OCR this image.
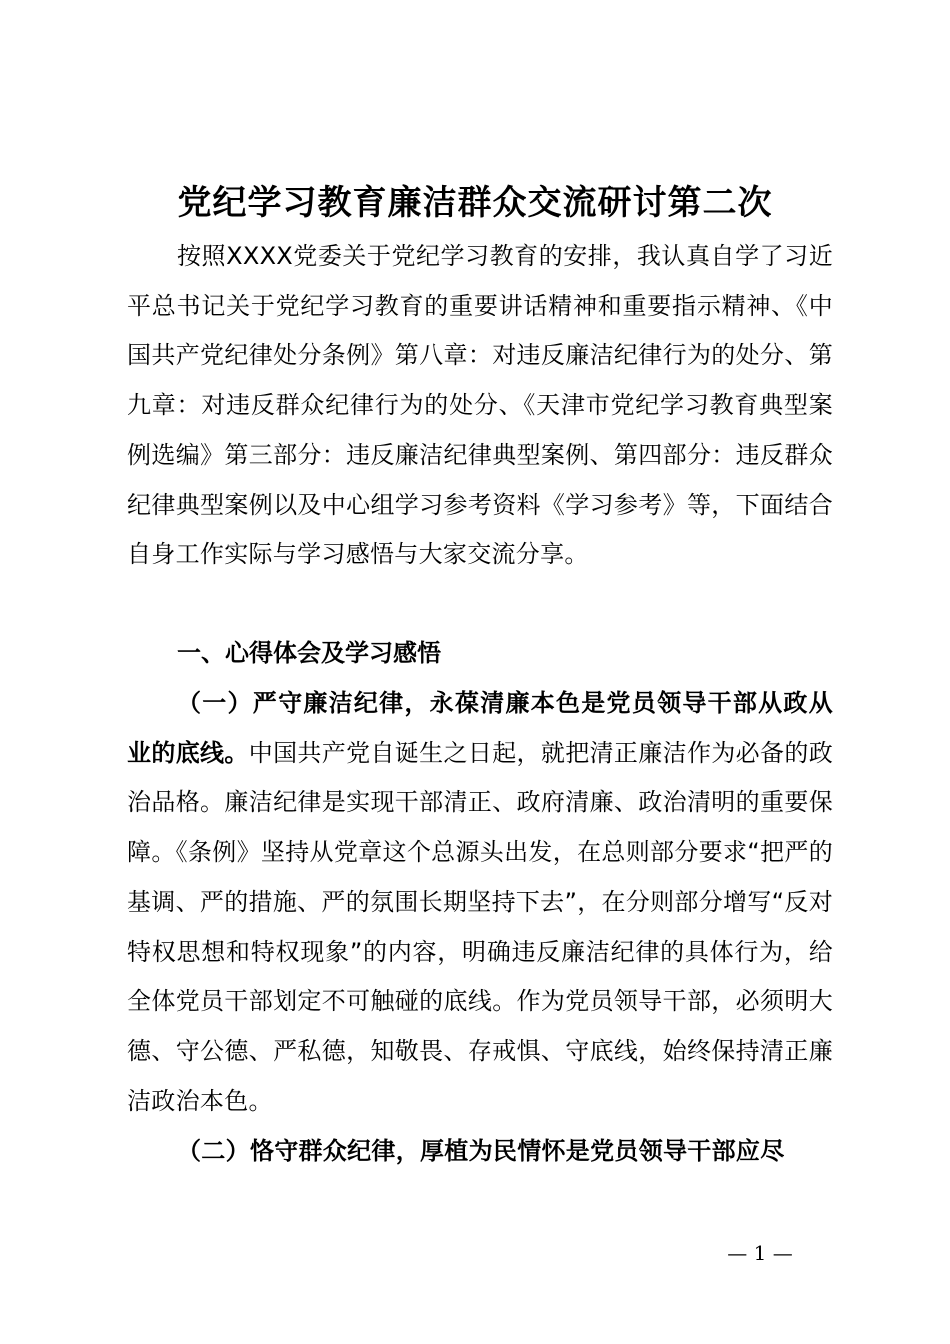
党纪学习教育廉洁群众交流研讨第二次
按照XXXX党委关于党纪学习教育的安排，我认真自学了习近平总书记关于党纪学习教育的重要讲话精神和重要指示精神、《中国共产党纪律处分条例》第八章：对违反廉洁纪律行为的处分、第九章：对违反群众纪律行为的处分、《天津市党纪学习教育典型案例选编》第三部分：违反廉洁纪律典型案例、第四部分：违反群众纪律典型案例以及中心组学习参考资料《学习参考》等，下面结合自身工作实际与学习感悟与大家交流分享。
一、心得体会及学习感悟
（一）严守廉洁纪律，永葆清廉本色是党员领导干部从政从业的底线。中国共产党自诞生之日起，就把清正廉洁作为必备的政治品格。廉洁纪律是实现干部清正、政府清廉、政治清明的重要保障。《条例》坚持从党章这个总源头出发，在总则部分要求“把严的基调、严的措施、严的氛围长期坚持下去”，在分则部分增写“反对特权思想和特权现象”的内容，明确违反廉洁纪律的具体行为，给全体党员干部划定不可触碰的底线。作为党员领导干部，必须明大德、守公德、严私德，知敬畏、存戒惧、守底线，始终保持清正廉洁政治本色。
（二）恪守群众纪律，厚植为民情怀是党员领导干部应尽
— 1 —
